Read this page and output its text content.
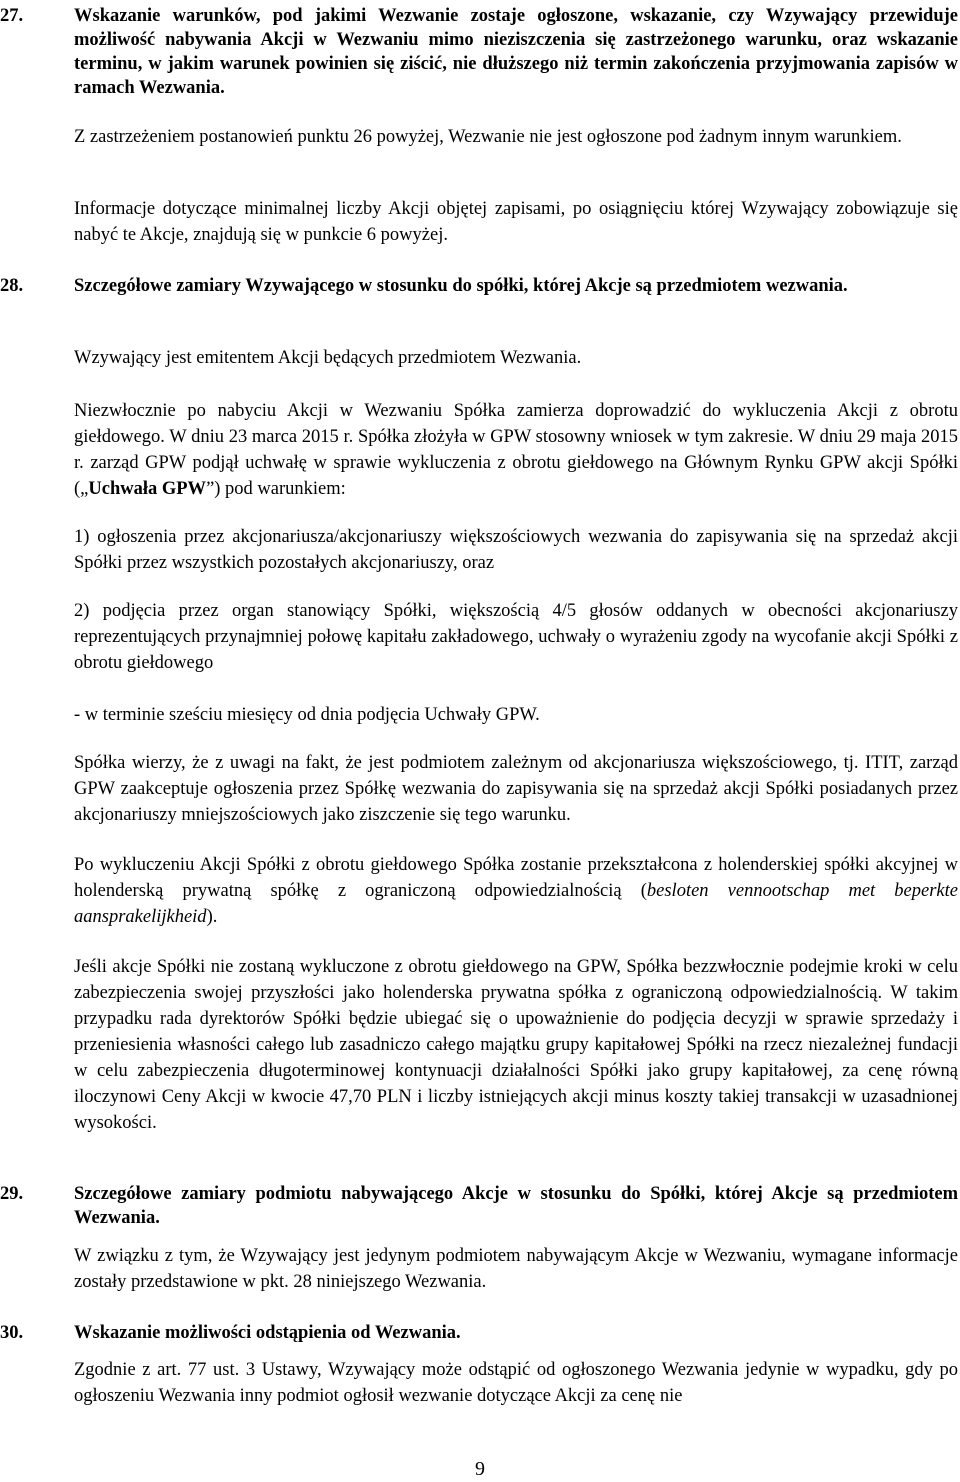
27.	Wskazanie warunków, pod jakimi Wezwanie zostaje ogłoszone, wskazanie, czy Wzywający przewiduje możliwość nabywania Akcji w Wezwaniu mimo nieziszczenia się zastrzeżonego warunku, oraz wskazanie terminu, w jakim warunek powinien się ziścić, nie dłuższego niż termin zakończenia przyjmowania zapisów w ramach Wezwania.

Z zastrzeżeniem postanowień punktu 26 powyżej, Wezwanie nie jest ogłoszone pod żadnym innym warunkiem.

Informacje dotyczące minimalnej liczby Akcji objętej zapisami, po osiągnięciu której Wzywający zobowiązuje się nabyć te Akcje, znajdują się w punkcie 6 powyżej.

28.	Szczegółowe zamiary Wzywającego w stosunku do spółki, której Akcje są przedmiotem wezwania.

Wzywający jest emitentem Akcji będących przedmiotem Wezwania.

Niezwłocznie po nabyciu Akcji w Wezwaniu Spółka zamierza doprowadzić do wykluczenia Akcji z obrotu giełdowego. W dniu 23 marca 2015 r. Spółka złożyła w GPW stosowny wniosek w tym zakresie. W dniu 29 maja 2015 r. zarząd GPW podjął uchwałę w sprawie wykluczenia z obrotu giełdowego na Głównym Rynku GPW akcji Spółki („Uchwała GPW”) pod warunkiem:

1) ogłoszenia przez akcjonariusza/akcjonariuszy większościowych wezwania do zapisywania się na sprzedaż akcji Spółki przez wszystkich pozostałych akcjonariuszy, oraz

2) podjęcia przez organ stanowiący Spółki, większością 4/5 głosów oddanych w obecności akcjonariuszy reprezentujących przynajmniej połowę kapitału zakładowego, uchwały o wyrażeniu zgody na wycofanie akcji Spółki z obrotu giełdowego

- w terminie sześciu miesięcy od dnia podjęcia Uchwały GPW.

Spółka wierzy, że z uwagi na fakt, że jest podmiotem zależnym od akcjonariusza większościowego, tj. ITIT, zarząd GPW zaakceptuje ogłoszenia przez Spółkę wezwania do zapisywania się na sprzedaż akcji Spółki posiadanych przez akcjonariuszy mniejszościowych jako ziszczenie się tego warunku.

Po wykluczeniu Akcji Spółki z obrotu giełdowego Spółka zostanie przekształcona z holenderskiej spółki akcyjnej w holenderską prywatną spółkę z ograniczoną odpowiedzialnością (besloten vennootschap met beperkte aansprakelijkheid).

Jeśli akcje Spółki nie zostaną wykluczone z obrotu giełdowego na GPW, Spółka bezzwłocznie podejmie kroki w celu zabezpieczenia swojej przyszłości jako holenderska prywatna spółka z ograniczoną odpowiedzialnością. W takim przypadku rada dyrektorów Spółki będzie ubiegać się o upoważnienie do podjęcia decyzji w sprawie sprzedaży i przeniesienia własności całego lub zasadniczo całego majątku grupy kapitałowej Spółki na rzecz niezależnej fundacji w celu zabezpieczenia długoterminowej kontynuacji działalności Spółki jako grupy kapitałowej, za cenę równą iloczynowi Ceny Akcji w kwocie 47,70 PLN i liczby istniejących akcji minus koszty takiej transakcji w uzasadnionej wysokości.

29.	Szczegółowe zamiary podmiotu nabywającego Akcje w stosunku do Spółki, której Akcje są przedmiotem Wezwania.

W związku z tym, że Wzywający jest jedynym podmiotem nabywającym Akcje w Wezwaniu, wymagane informacje zostały przedstawione w pkt. 28 niniejszego Wezwania.

30.	Wskazanie możliwości odstąpienia od Wezwania.

Zgodnie z art. 77 ust. 3 Ustawy, Wzywający może odstąpić od ogłoszonego Wezwania jedynie w wypadku, gdy po ogłoszeniu Wezwania inny podmiot ogłosił wezwanie dotyczące Akcji za cenę nie

9
